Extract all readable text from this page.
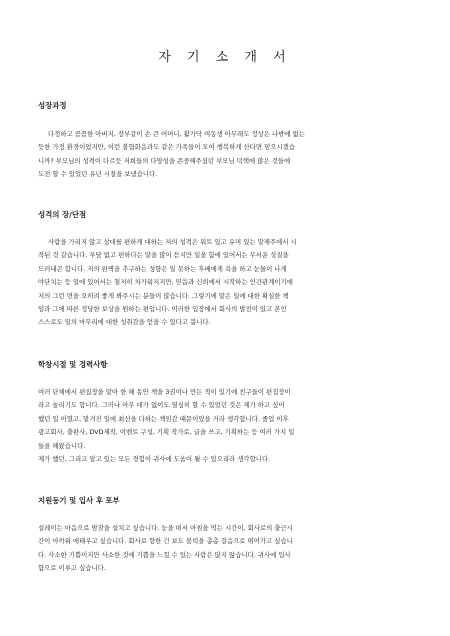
자 기 소 개 서
성장과정
다정하고 꼼꼼한 아버지, 장부같이 손 큰 어머니, 활가닥 여동생 아무래도 정상은 나밖에 없는
듯한 가정 환경이었지만, 이런 불협화음과도 같은 가족들이 모여 행복하게 산다면 믿으시겠습
니까? 부모님의 성격이 다르듯 저희들의 다양성을 존중해주셨던 부모님 덕택에 많은 것들에
도전 할 수 있었던 유년 시절을 보냈습니다.
성격의 장/단점
사람을 가리지 않고 상대를 편하게 대하는 저의 성격은 워트 있고 유머 있는 말재주에서 시
작된 것 같습니다. 부담 없고 편하다는 말을 많이 듣지만 일을 함에 있어서는 무서운 성질을
드러내곤 합니다. 저의 완벽을 추구하는 성향은 일 못하는 후배에게 욕을 하고 눈물이 나게
야단치는 등 일에 있어서는 철저히 차가워지지만, 믿음과 신뢰에서 시작하는 인간관계이기에
저의 그런 면을 오히려 좋게 봐주시는 분들이 많습니다. 그렇기에 맡은 일에 대한 확실한 책
임과 그에 따른 정당한 보상을 원하는 편입니다. 이러한 입장에서 회사의 발전이 있고 본인
스스로도 일의 마무리에 대한 성취감을 얻을 수 있다고 봅니다.
학창시절 및 경력사항
여러 단체에서 편집장을 맡아 한 해 동안 책을 3권이나 만든 적이 있기에 친구들이 편집장이
라고 놀리기도 합니다. 그러나 아무 대가 없이도 열심히 할 수 있었던 것은 제가 하고 싶어
했던 일 이였고, 맡겨진 일에 최선을 다하는 책임감 때문이었을 거라 생각합니다. 졸업 이후
광고회사, 출판사, DVD제작, 이벤트 구성, 기획 작가로, 글을 쓰고, 기획하는 등 여러 가지 일
들을 해왔습니다.
제가 했던, 그리고 알고 있는 모든 경험이 귀사에 도움이 될 수 있으리라 생각합니다.
지원동기 및 입사 후 포부
설레이는 마음으로 밤잠을 설치고 싶습니다. 눈을 떠서 아침을 먹는 시간이, 회사로의 출근시
간이 아까워 애태우고 싶습니다. 회사로 향한 긴 보도 블럭을 총총 걸음으로 뛰어가고 싶습니
다. 사소한 기쁨이지만 사소한 것에 기쁨을 느낄 수 있는 사람은 많지 않습니다. 귀사에 입사
함으로 이루고 싶습니다.
